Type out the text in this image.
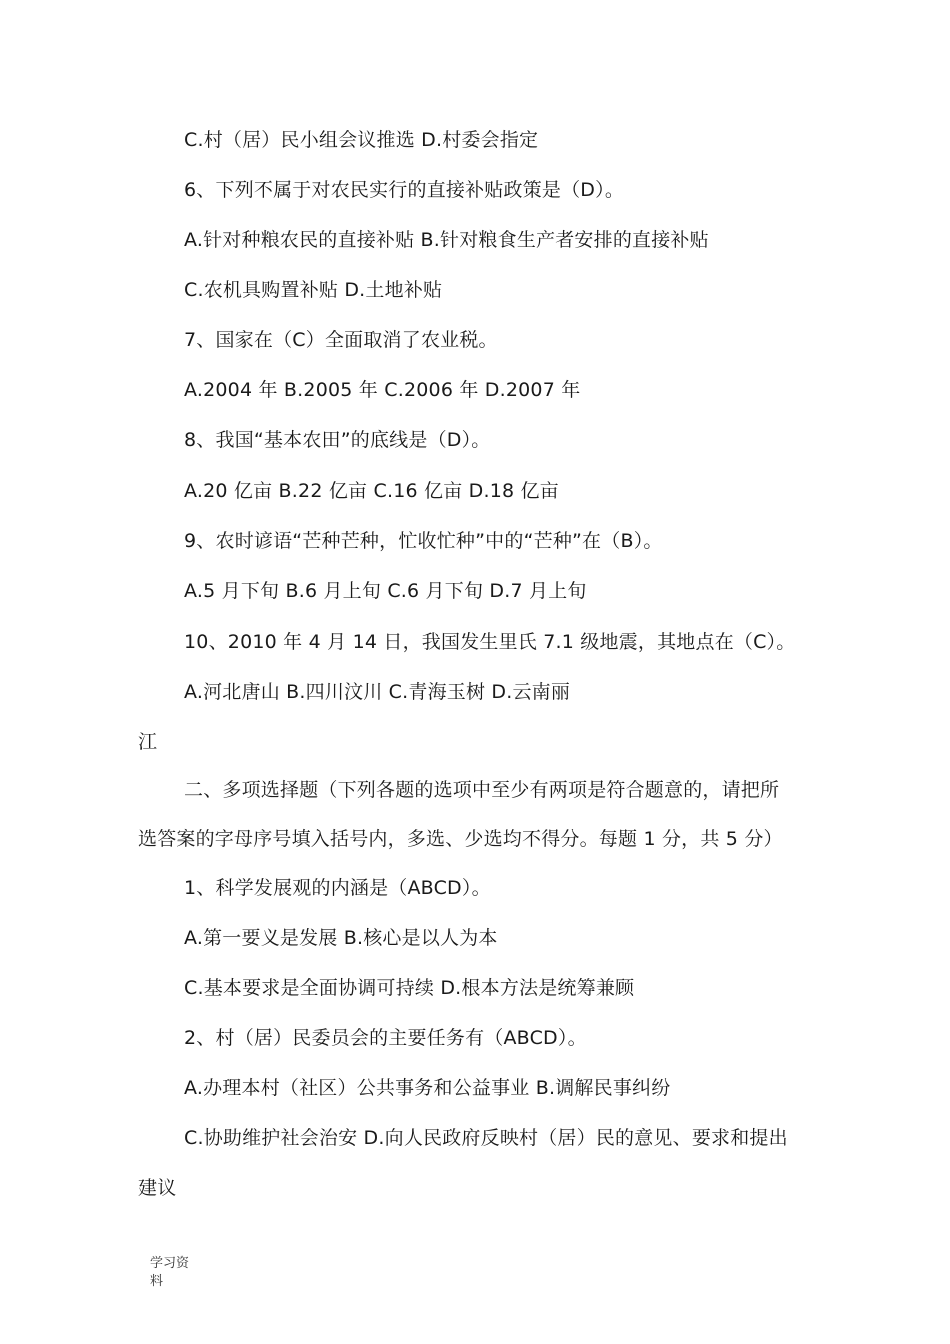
C.村（居）民小组会议推选 D.村委会指定
6、下列不属于对农民实行的直接补贴政策是（D）。
A.针对种粮农民的直接补贴 B.针对粮食生产者安排的直接补贴
C.农机具购置补贴 D.土地补贴
7、国家在（C）全面取消了农业税。
A.2004 年 B.2005 年 C.2006 年 D.2007 年
8、我国“基本农田”的底线是（D）。
A.20 亿亩 B.22 亿亩 C.16 亿亩 D.18 亿亩
9、农时谚语“芒种芒种，忙收忙种”中的“芒种”在（B）。
A.5 月下旬 B.6 月上旬 C.6 月下旬 D.7 月上旬
10、2010 年 4 月 14 日，我国发生里氏 7.1 级地震，其地点在（C）。
A.河北唐山 B.四川汶川 C.青海玉树 D.云南丽
江
二、多项选择题（下列各题的选项中至少有两项是符合题意的，请把所
选答案的字母序号填入括号内，多选、少选均不得分。每题 1 分，共 5 分）
1、科学发展观的内涵是（ABCD）。
A.第一要义是发展 B.核心是以人为本
C.基本要求是全面协调可持续 D.根本方法是统筹兼顾
2、村（居）民委员会的主要任务有（ABCD）。
A.办理本村（社区）公共事务和公益事业 B.调解民事纠纷
C.协助维护社会治安 D.向人民政府反映村（居）民的意见、要求和提出
建议
学习资
料
